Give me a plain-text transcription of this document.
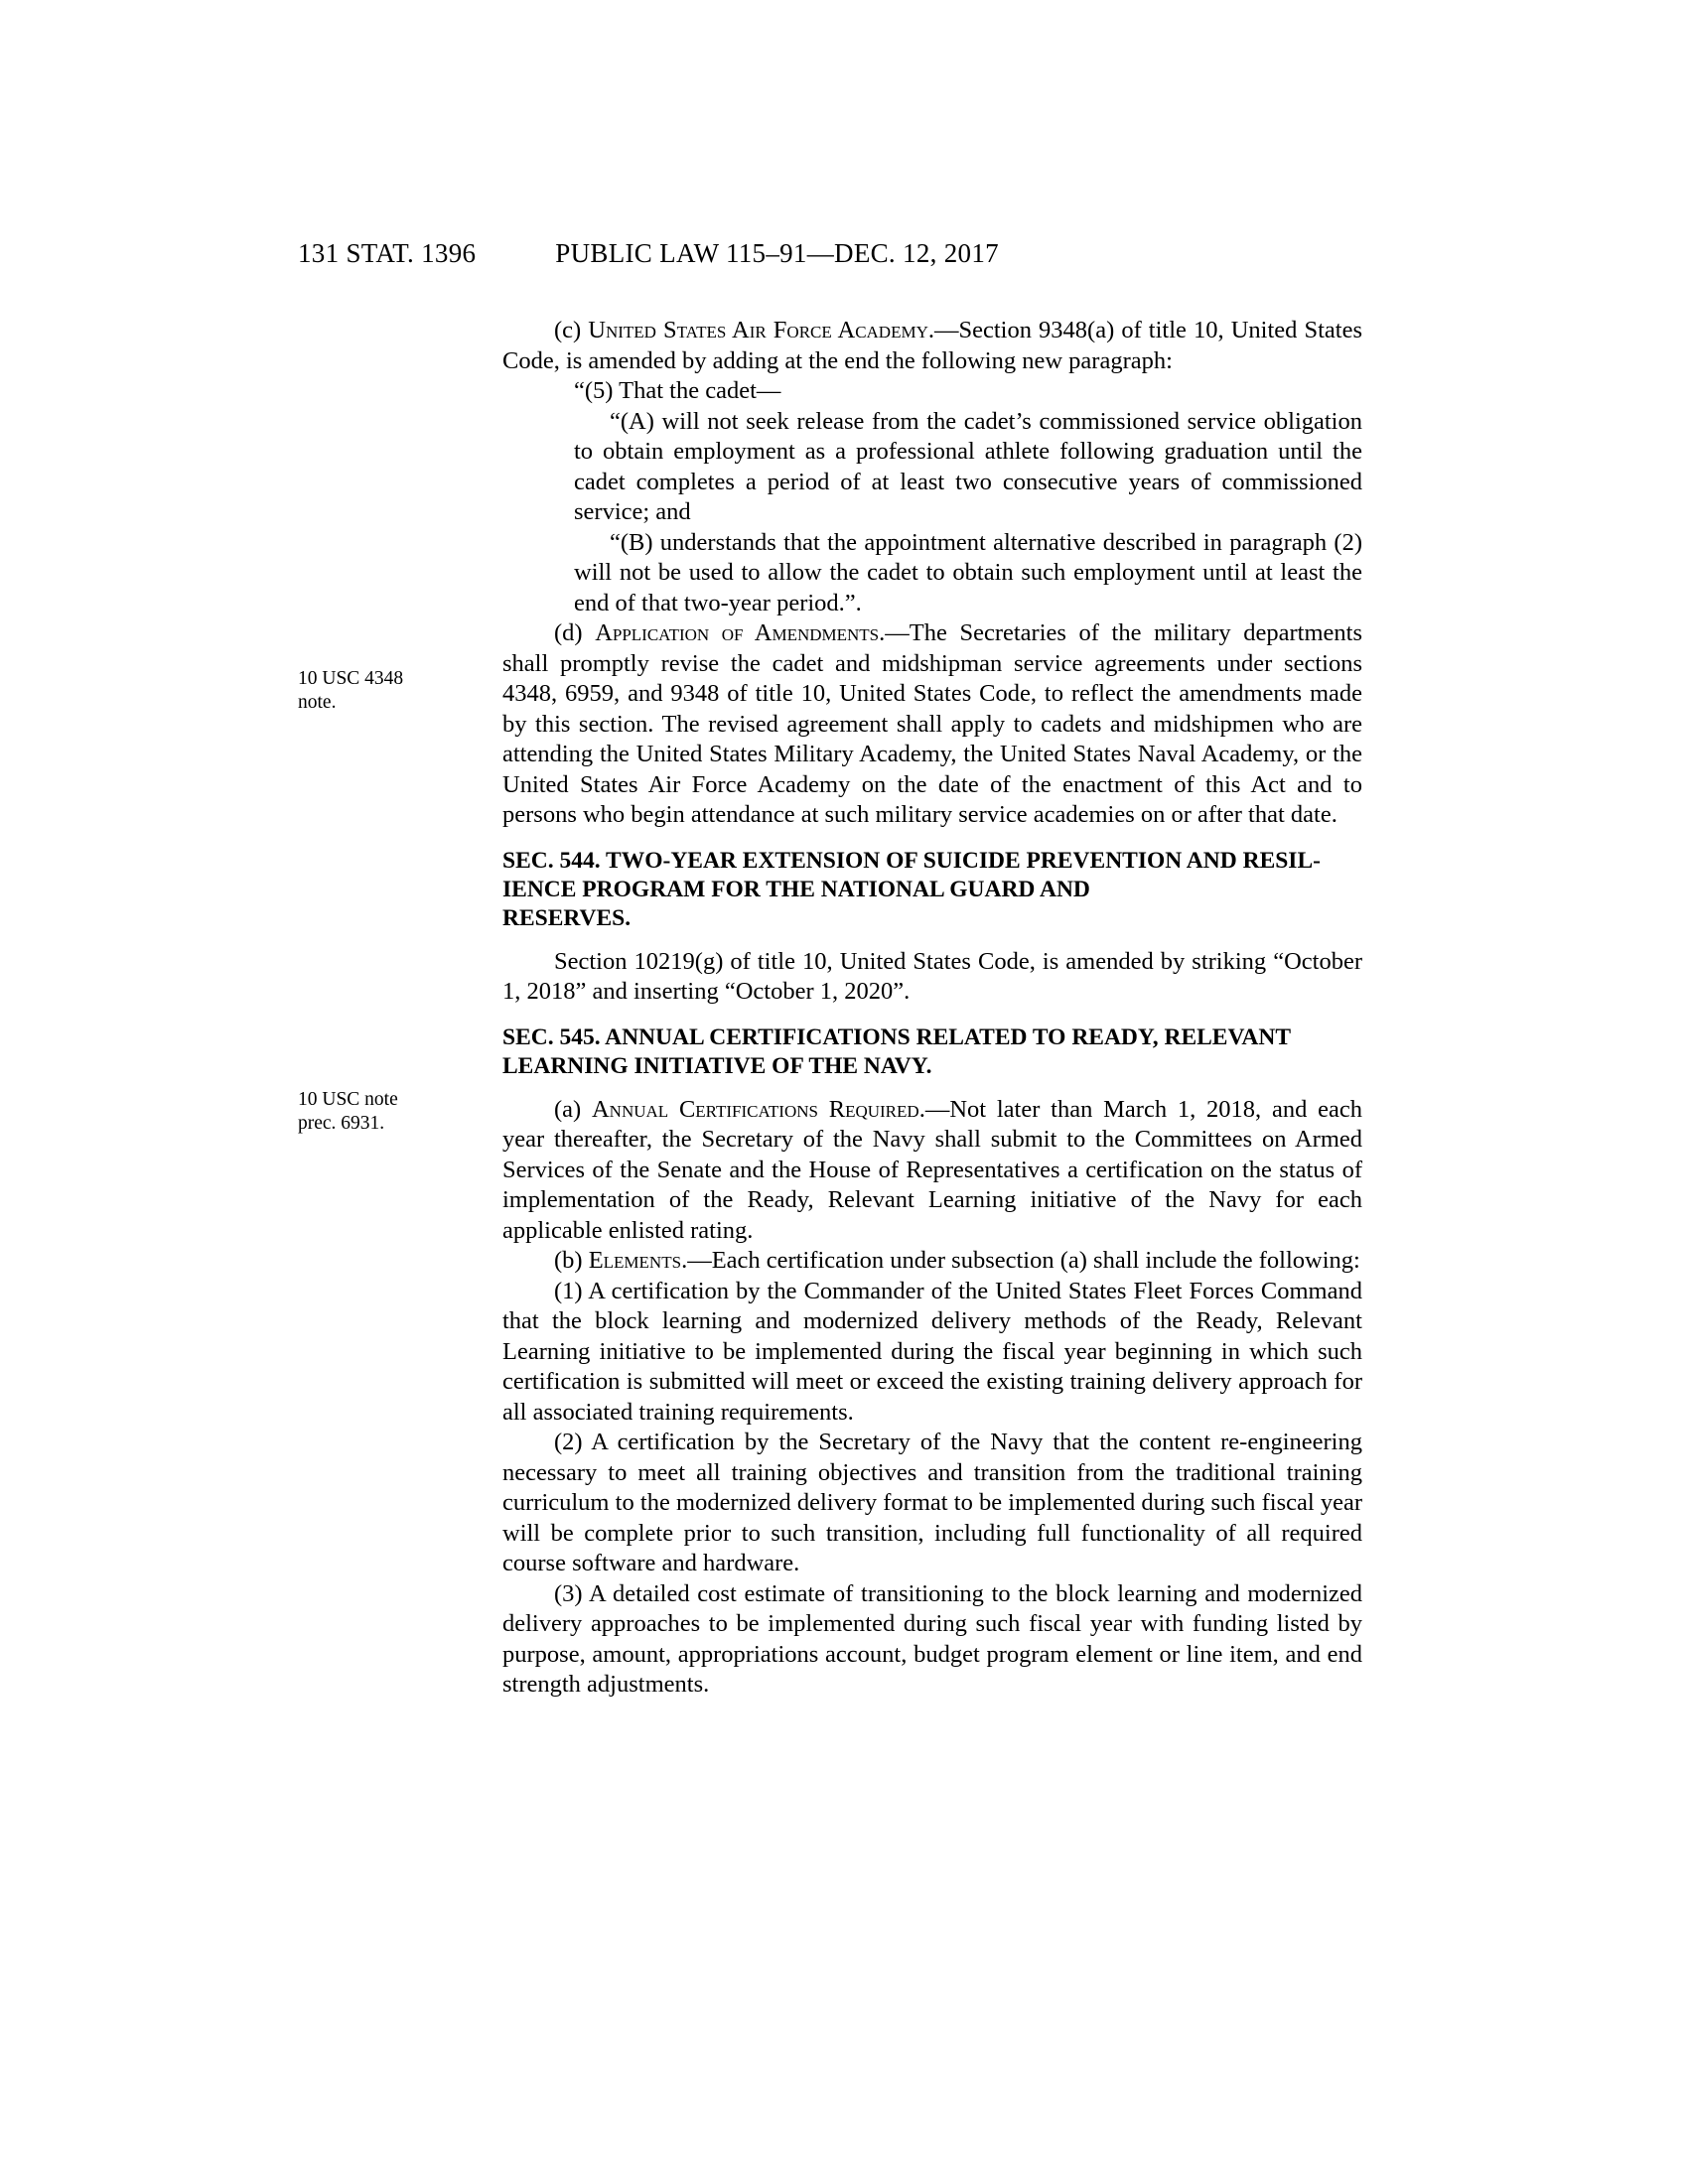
131 STAT. 1396	PUBLIC LAW 115–91—DEC. 12, 2017
10 USC 4348
note.
10 USC note
prec. 6931.

(c) United States Air Force Academy.—Section 9348(a) of title 10, United States Code, is amended by adding at the end the following new paragraph:

“(5) That the cadet—

“(A) will not seek release from the cadet’s commissioned service obligation to obtain employment as a professional athlete following graduation until the cadet completes a period of at least two consecutive years of commissioned service; and

“(B) understands that the appointment alternative described in paragraph (2) will not be used to allow the cadet to obtain such employment until at least the end of that two-year period.”.

(d) Application of Amendments.—The Secretaries of the military departments shall promptly revise the cadet and midshipman service agreements under sections 4348, 6959, and 9348 of title 10, United States Code, to reflect the amendments made by this section. The revised agreement shall apply to cadets and midshipmen who are attending the United States Military Academy, the United States Naval Academy, or the United States Air Force Academy on the date of the enactment of this Act and to persons who begin attendance at such military service academies on or after that date.

SEC. 544. TWO-YEAR EXTENSION OF SUICIDE PREVENTION AND RESIL-

IENCE PROGRAM FOR THE NATIONAL GUARD AND

RESERVES.

Section 10219(g) of title 10, United States Code, is amended by striking “October 1, 2018” and inserting “October 1, 2020”.

SEC. 545. ANNUAL CERTIFICATIONS RELATED TO READY, RELEVANT

LEARNING INITIATIVE OF THE NAVY.

(a) Annual Certifications Required.—Not later than March 1, 2018, and each year thereafter, the Secretary of the Navy shall submit to the Committees on Armed Services of the Senate and the House of Representatives a certification on the status of implementation of the Ready, Relevant Learning initiative of the Navy for each applicable enlisted rating.

(b) Elements.—Each certification under subsection (a) shall include the following:

(1) A certification by the Commander of the United States Fleet Forces Command that the block learning and modernized delivery methods of the Ready, Relevant Learning initiative to be implemented during the fiscal year beginning in which such certification is submitted will meet or exceed the existing training delivery approach for all associated training requirements.

(2) A certification by the Secretary of the Navy that the content re-engineering necessary to meet all training objectives and transition from the traditional training curriculum to the modernized delivery format to be implemented during such fiscal year will be complete prior to such transition, including full functionality of all required course software and hardware.

(3) A detailed cost estimate of transitioning to the block learning and modernized delivery approaches to be implemented during such fiscal year with funding listed by purpose, amount, appropriations account, budget program element or line item, and end strength adjustments.
